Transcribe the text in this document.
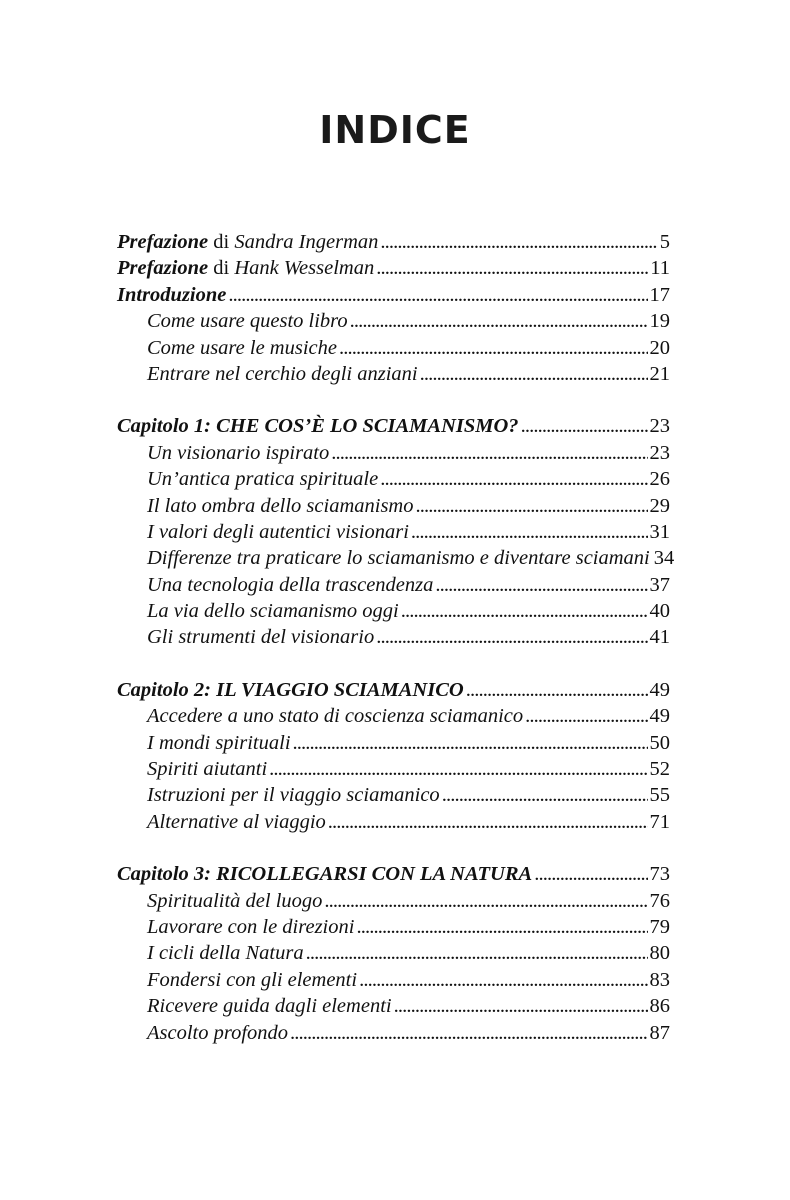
INDICE
Prefazione di Sandra Ingerman . . .	5
Prefazione di Hank Wesselman . . .	11
Introduzione . . .	17
Come usare questo libro . . .	19
Come usare le musiche . . .	20
Entrare nel cerchio degli anziani . . .	21
Capitolo 1: CHE COS’È LO SCIAMANISMO? . . .	23
Un visionario ispirato . . .	23
Un’antica pratica spirituale . . .	26
Il lato ombra dello sciamanismo . . .	29
I valori degli autentici visionari . . .	31
Differenze tra praticare lo sciamanismo e diventare sciamani 34
Una tecnologia della trascendenza . . .	37
La via dello sciamanismo oggi . . .	40
Gli strumenti del visionario . . .	41
Capitolo 2: IL VIAGGIO SCIAMANICO . . .	49
Accedere a uno stato di coscienza sciamanico . . .	49
I mondi spirituali . . .	50
Spiriti aiutanti . . .	52
Istruzioni per il viaggio sciamanico . . .	55
Alternative al viaggio . . .	71
Capitolo 3: RICOLLEGARSI CON LA NATURA . . .	73
Spiritualità del luogo . . .	76
Lavorare con le direzioni . . .	79
I cicli della Natura . . .	80
Fondersi con gli elementi . . .	83
Ricevere guida dagli elementi . . .	86
Ascolto profondo . . .	87
